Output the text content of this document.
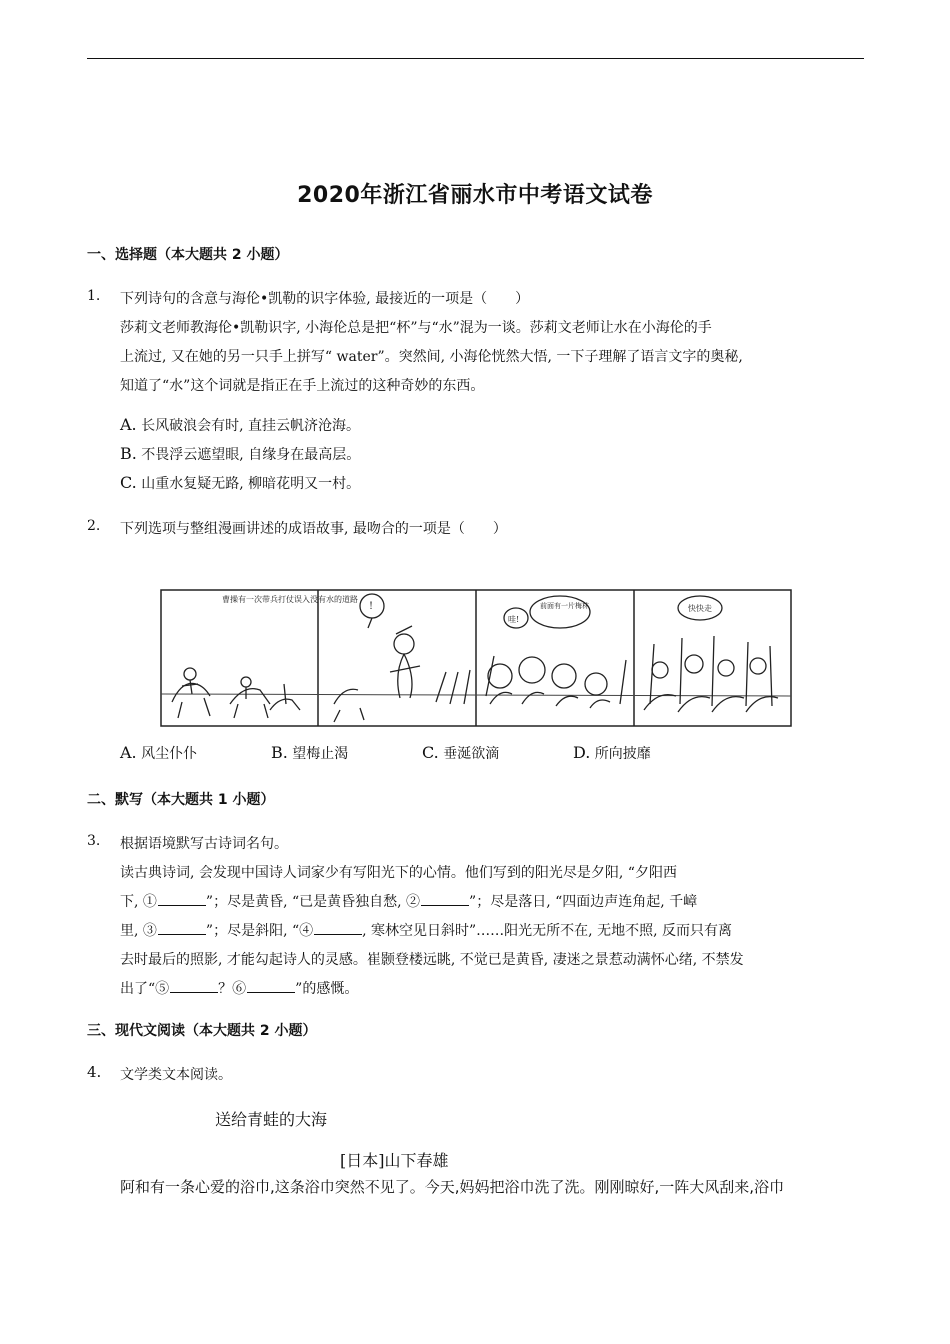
2020年浙江省丽水市中考语文试卷
一、选择题（本大题共 2 小题）
1. 下列诗句的含意与海伦•凯勒的识字体验, 最接近的一项是（　　）
莎莉文老师教海伦•凯勒识字, 小海伦总是把“杯”与“水”混为一谈。莎莉文老师让水在小海伦的手
上流过, 又在她的另一只手上拼写“ water”。突然间, 小海伦恍然大悟, 一下子理解了语言文字的奥秘,
知道了“水”这个词就是指正在手上流过的这种奇妙的东西。
A. 长风破浪会有时, 直挂云帆济沧海。
B. 不畏浮云遮望眼, 自缘身在最高层。
C. 山重水复疑无路, 柳暗花明又一村。
2. 下列选项与整组漫画讲述的成语故事, 最吻合的一项是（　　）
曹操有一次带兵打仗误入没有水的道路
!	前面有一片梅林
哇!
快快走
A. 风尘仆仆	B. 望梅止渴	C. 垂涎欲滴	D. 所向披靡
二、默写（本大题共 1 小题）
3. 根据语境默写古诗词名句。
读古典诗词, 会发现中国诗人词家少有写阳光下的心情。他们写到的阳光尽是夕阳, “夕阳西
下, ①	”；尽是黄昏, “已是黄昏独自愁, ②	”；尽是落日, “四面边声连角起, 千嶂
里, ③	”；尽是斜阳, “④	, 寒林空见日斜时”……阳光无所不在, 无地不照, 反而只有离
去时最后的照影, 才能勾起诗人的灵感。崔颢登楼远眺, 不觉已是黄昏, 凄迷之景惹动满怀心绪, 不禁发
出了“⑤	？⑥	”的感慨。
三、现代文阅读（本大题共 2 小题）
4. 文学类文本阅读。
送给青蛙的大海
[日本]山下春雄
阿和有一条心爱的浴巾,这条浴巾突然不见了。今天,妈妈把浴巾洗了洗。刚刚晾好,一阵大风刮来,浴巾
